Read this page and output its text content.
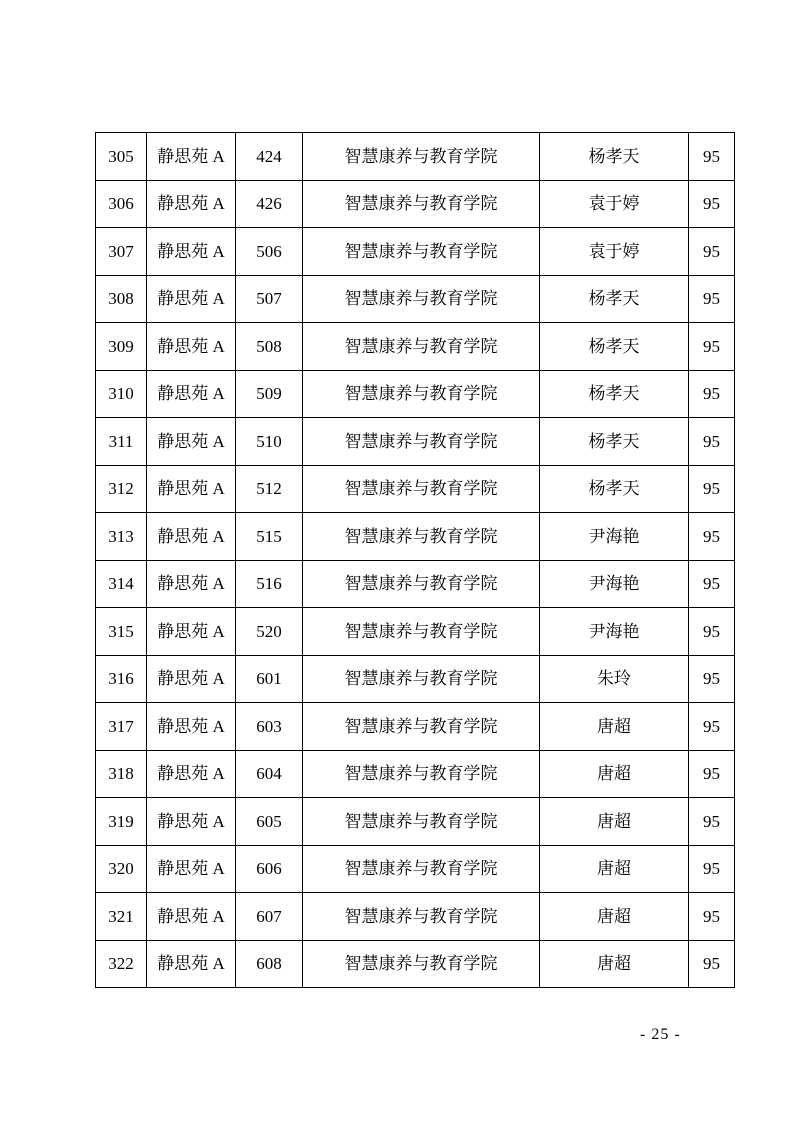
305	静思苑 A	424	智慧康养与教育学院	杨孝天	95
306	静思苑 A	426	智慧康养与教育学院	袁于婷	95
307	静思苑 A	506	智慧康养与教育学院	袁于婷	95
308	静思苑 A	507	智慧康养与教育学院	杨孝天	95
309	静思苑 A	508	智慧康养与教育学院	杨孝天	95
310	静思苑 A	509	智慧康养与教育学院	杨孝天	95
311	静思苑 A	510	智慧康养与教育学院	杨孝天	95
312	静思苑 A	512	智慧康养与教育学院	杨孝天	95
313	静思苑 A	515	智慧康养与教育学院	尹海艳	95
314	静思苑 A	516	智慧康养与教育学院	尹海艳	95
315	静思苑 A	520	智慧康养与教育学院	尹海艳	95
316	静思苑 A	601	智慧康养与教育学院	朱玲	95
317	静思苑 A	603	智慧康养与教育学院	唐超	95
318	静思苑 A	604	智慧康养与教育学院	唐超	95
319	静思苑 A	605	智慧康养与教育学院	唐超	95
320	静思苑 A	606	智慧康养与教育学院	唐超	95
321	静思苑 A	607	智慧康养与教育学院	唐超	95
322	静思苑 A	608	智慧康养与教育学院	唐超	95
- 25 -
